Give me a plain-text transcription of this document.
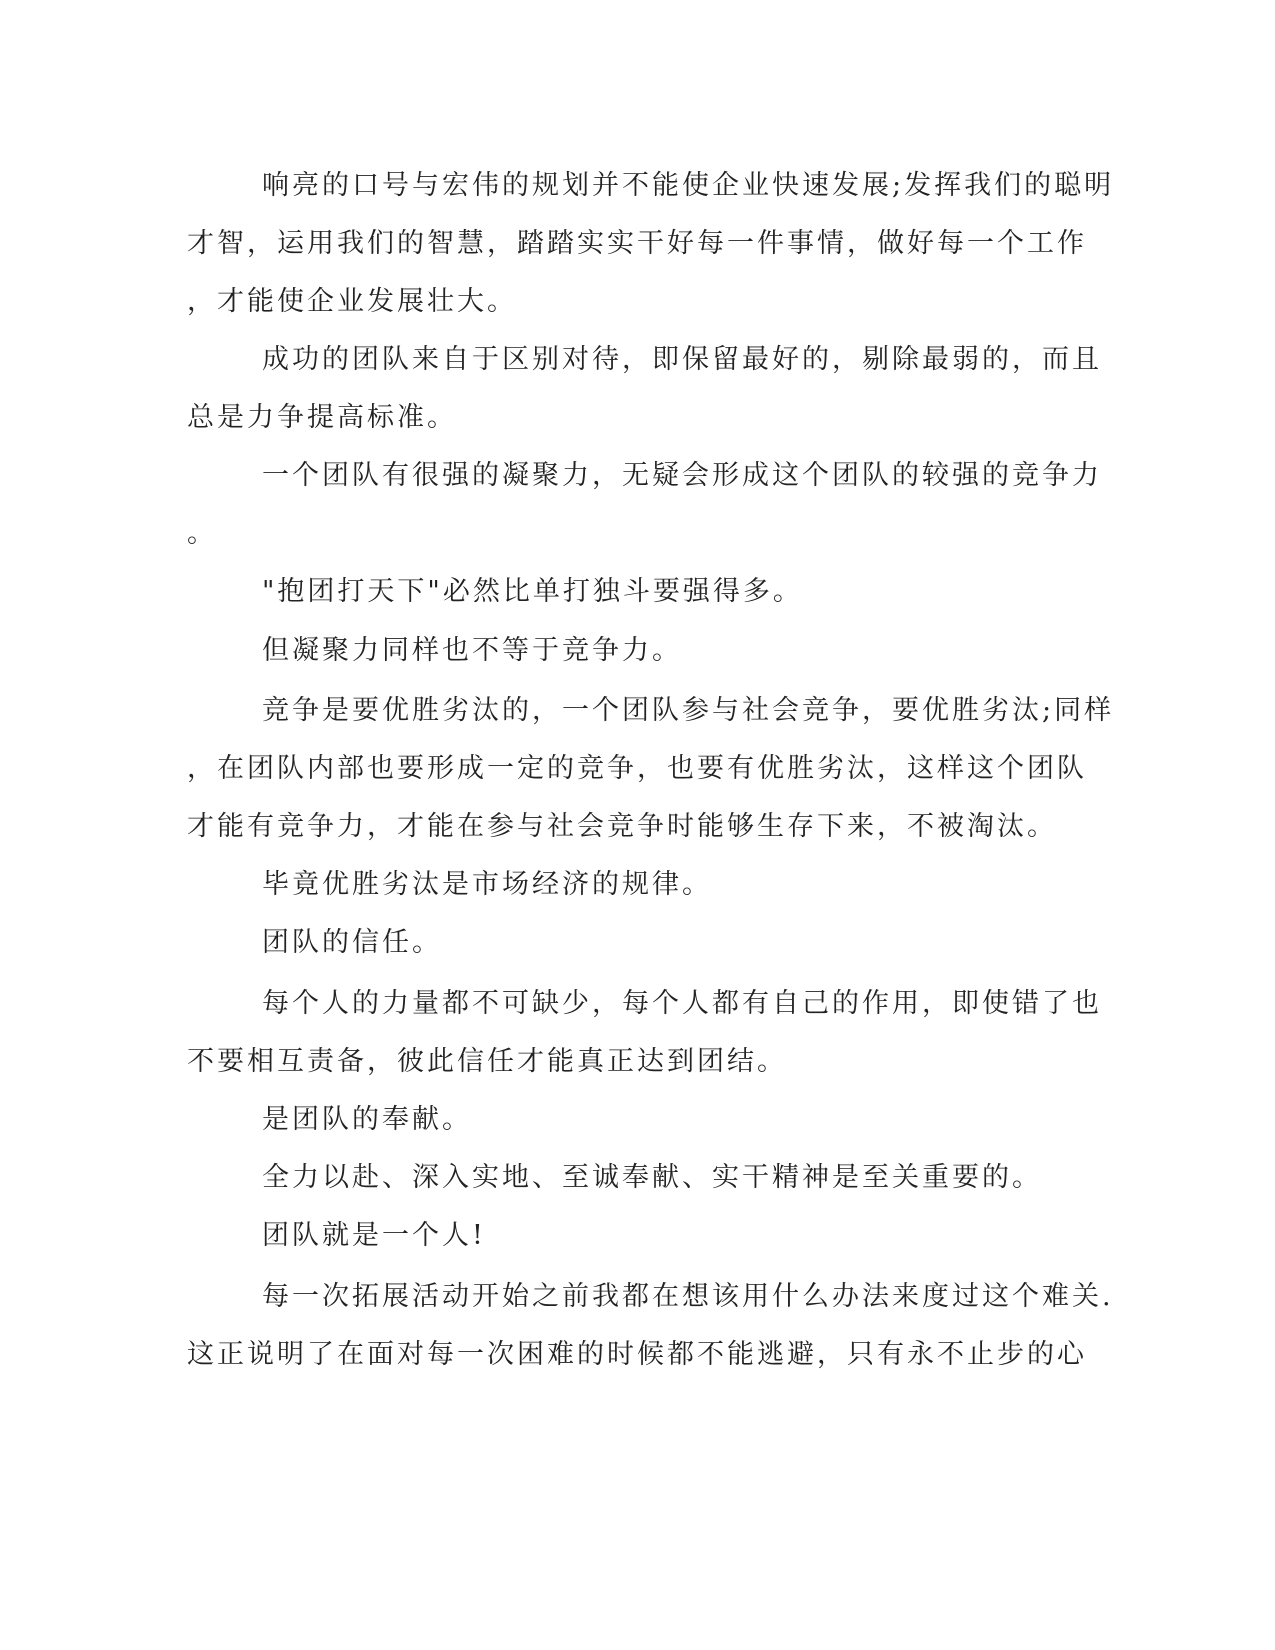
响亮的口号与宏伟的规划并不能使企业快速发展;发挥我们的聪明
才智，运用我们的智慧，踏踏实实干好每一件事情，做好每一个工作
，才能使企业发展壮大。
成功的团队来自于区别对待，即保留最好的，剔除最弱的，而且
总是力争提高标准。
一个团队有很强的凝聚力，无疑会形成这个团队的较强的竞争力
。
"抱团打天下"必然比单打独斗要强得多。
但凝聚力同样也不等于竞争力。
竞争是要优胜劣汰的，一个团队参与社会竞争，要优胜劣汰;同样
，在团队内部也要形成一定的竞争，也要有优胜劣汰，这样这个团队
才能有竞争力，才能在参与社会竞争时能够生存下来，不被淘汰。
毕竟优胜劣汰是市场经济的规律。
团队的信任。
每个人的力量都不可缺少，每个人都有自己的作用，即使错了也
不要相互责备，彼此信任才能真正达到团结。
是团队的奉献。
全力以赴、深入实地、至诚奉献、实干精神是至关重要的。
团队就是一个人!
每一次拓展活动开始之前我都在想该用什么办法来度过这个难关.
这正说明了在面对每一次困难的时候都不能逃避，只有永不止步的心
